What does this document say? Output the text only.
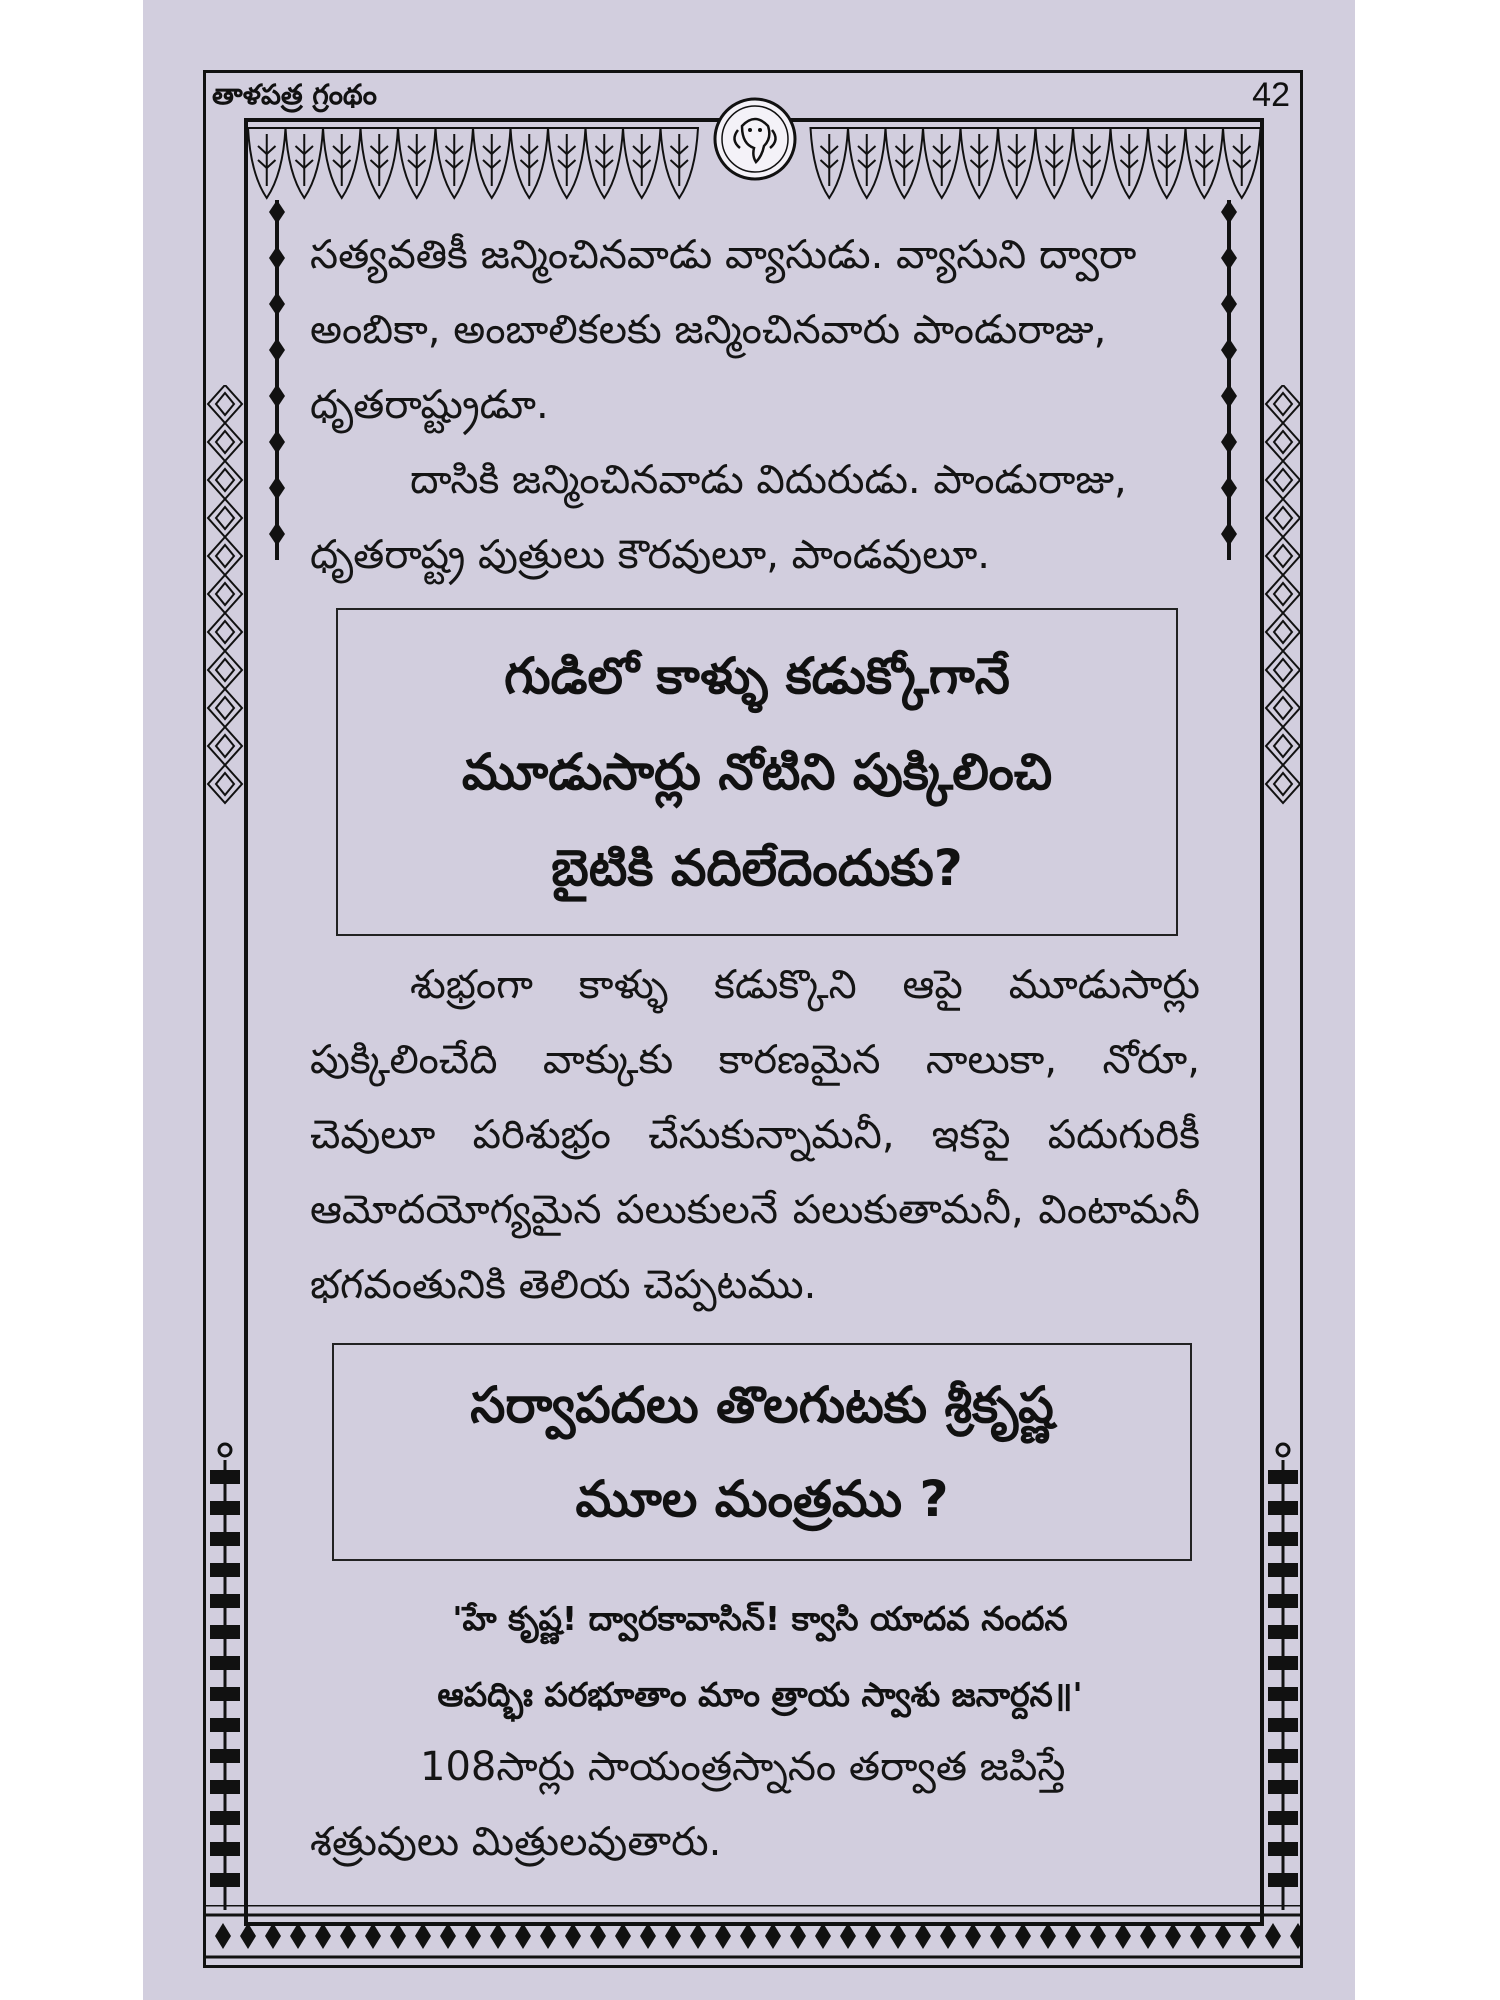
తాళపత్ర గ్రంథం	42

సత్యవతికీ జన్మించినవాడు వ్యాసుడు. వ్యాసుని ద్వారా అంబికా, అంబాలికలకు జన్మించినవారు పాండురాజు, ధృతరాష్ట్రుడూ.

దాసికి జన్మించినవాడు విదురుడు. పాండురాజు, ధృతరాష్ట్ర పుత్రులు కౌరవులూ, పాండవులూ.

గుడిలో కాళ్ళు కడుక్కోగానే
మూడుసార్లు నోటిని పుక్కిలించి
బైటికి వదిలేదెందుకు?

శుభ్రంగా కాళ్ళు కడుక్కొని ఆపై మూడుసార్లు పుక్కిలించేది వాక్కుకు కారణమైన నాలుకా, నోరూ, చెవులూ పరిశుభ్రం చేసుకున్నామనీ, ఇకపై పదుగురికీ ఆమోదయోగ్యమైన పలుకులనే పలుకుతామనీ, వింటామనీ భగవంతునికి తెలియ చెప్పటము.

సర్వాపదలు తొలగుటకు శ్రీకృష్ణ
మూల మంత్రము ?

'హే కృష్ణ! ద్వారకావాసిన్! క్వాసి యాదవ నందన

ఆపద్భిః పరభూతాం మాం త్రాయ స్వాశు జనార్దన॥'

108సార్లు సాయంత్రస్నానం తర్వాత జపిస్తే శత్రువులు మిత్రులవుతారు.
